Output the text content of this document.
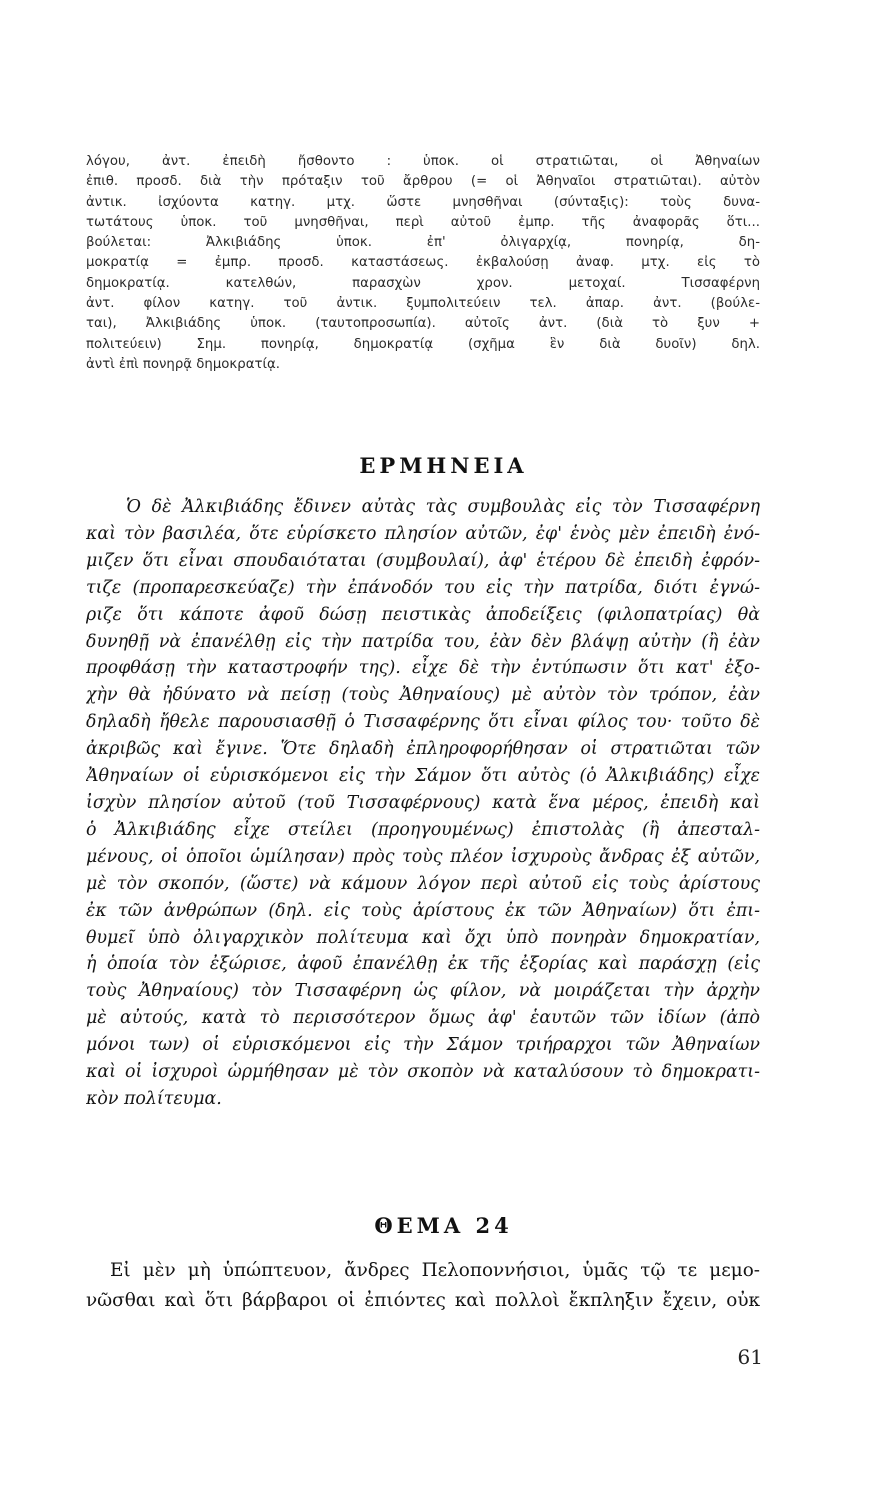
λόγου, ἀντ. ἐπειδὴ ἤσθοντο : ὑποκ. οἱ στρατιῶται, οἱ Ἀθηναίων
ἐπιθ. προσδ. διὰ τὴν πρόταξιν τοῦ ἄρθρου (= οἱ Ἀθηναῖοι στρατιῶται). αὐτὸν
ἀντικ. ἰσχύοντα κατηγ. μτχ. ὥστε μνησθῆναι (σύνταξις): τοὺς δυνα-
τωτάτους ὑποκ. τοῦ μνησθῆναι, περὶ αὐτοῦ ἐμπρ. τῆς ἀναφορᾶς ὅτι...
βούλεται: Ἀλκιβιάδης ὑποκ. ἐπ' ὀλιγαρχίᾳ, πονηρίᾳ, δη-
μοκρατίᾳ = ἐμπρ. προσδ. καταστάσεως. ἐκβαλούσῃ ἀναφ. μτχ. εἰς τὸ
δημοκρατίᾳ. κατελθών, παρασχὼν χρον. μετοχαί. Τισσαφέρνη
ἀντ. φίλον κατηγ. τοῦ ἀντικ. ξυμπολιτεύειν τελ. ἀπαρ. ἀντ. (βούλε-
ται), Ἀλκιβιάδης ὑποκ. (ταυτοπροσωπία). αὐτοῖς ἀντ. (διὰ τὸ ξυν +
πολιτεύειν) Σημ. πονηρίᾳ, δημοκρατίᾳ (σχῆμα ἓν διὰ δυοῖν) δηλ.
ἀντὶ ἐπὶ πονηρᾷ δημοκρατίᾳ.
ΕΡΜΗΝΕΙΑ
Ὁ δὲ Ἀλκιβιάδης ἔδινεν αὐτὰς τὰς συμβουλὰς εἰς τὸν Τισσαφέρνη
καὶ τὸν βασιλέα, ὅτε εὑρίσκετο πλησίον αὐτῶν, ἐφ' ἑνὸς μὲν ἐπειδὴ ἐνό-
μιζεν ὅτι εἶναι σπουδαιόταται (συμβουλαί), ἀφ' ἑτέρου δὲ ἐπειδὴ ἐφρόν-
τιζε (προπαρεσκεύαζε) τὴν ἐπάνοδόν του εἰς τὴν πατρίδα, διότι ἐγνώ-
ριζε ὅτι κάποτε ἀφοῦ δώσῃ πειστικὰς ἀποδείξεις (φιλοπατρίας) θὰ
δυνηθῇ νὰ ἐπανέλθῃ εἰς τὴν πατρίδα του, ἐὰν δὲν βλάψῃ αὐτὴν (ἢ ἐὰν
προφθάσῃ τὴν καταστροφήν της). εἶχε δὲ τὴν ἐντύπωσιν ὅτι κατ' ἐξο-
χὴν θὰ ἠδύνατο νὰ πείσῃ (τοὺς Ἀθηναίους) μὲ αὐτὸν τὸν τρόπον, ἐὰν
δηλαδὴ ἤθελε παρουσιασθῇ ὁ Τισσαφέρνης ὅτι εἶναι φίλος του· τοῦτο δὲ
ἀκριβῶς καὶ ἔγινε. Ὅτε δηλαδὴ ἐπληροφορήθησαν οἱ στρατιῶται τῶν
Ἀθηναίων οἱ εὑρισκόμενοι εἰς τὴν Σάμον ὅτι αὐτὸς (ὁ Ἀλκιβιάδης) εἶχε
ἰσχὺν πλησίον αὐτοῦ (τοῦ Τισσαφέρνους) κατὰ ἕνα μέρος, ἐπειδὴ καὶ
ὁ Ἀλκιβιάδης εἶχε στείλει (προηγουμένως) ἐπιστολὰς (ἢ ἀπεσταλ-
μένους, οἱ ὁποῖοι ὡμίλησαν) πρὸς τοὺς πλέον ἰσχυροὺς ἄνδρας ἐξ αὐτῶν,
μὲ τὸν σκοπόν, (ὥστε) νὰ κάμουν λόγον περὶ αὐτοῦ εἰς τοὺς ἀρίστους
ἐκ τῶν ἀνθρώπων (δηλ. εἰς τοὺς ἀρίστους ἐκ τῶν Ἀθηναίων) ὅτι ἐπι-
θυμεῖ ὑπὸ ὀλιγαρχικὸν πολίτευμα καὶ ὄχι ὑπὸ πονηρὰν δημοκρατίαν,
ἡ ὁποία τὸν ἐξώρισε, ἀφοῦ ἐπανέλθῃ ἐκ τῆς ἐξορίας καὶ παράσχῃ (εἰς
τοὺς Ἀθηναίους) τὸν Τισσαφέρνη ὡς φίλον, νὰ μοιράζεται τὴν ἀρχὴν
μὲ αὐτούς, κατὰ τὸ περισσότερον ὅμως ἀφ' ἑαυτῶν τῶν ἰδίων (ἀπὸ
μόνοι των) οἱ εὑρισκόμενοι εἰς τὴν Σάμον τριήραρχοι τῶν Ἀθηναίων
καὶ οἱ ἰσχυροὶ ὡρμήθησαν μὲ τὸν σκοπὸν νὰ καταλύσουν τὸ δημοκρατι-
κὸν πολίτευμα.
ΘΕΜΑ 24
Εἰ μὲν μὴ ὑπώπτευον, ἄνδρες Πελοποννήσιοι, ὑμᾶς τῷ τε μεμο-
νῶσθαι καὶ ὅτι βάρβαροι οἱ ἐπιόντες καὶ πολλοὶ ἔκπληξιν ἔχειν, οὐκ
61
